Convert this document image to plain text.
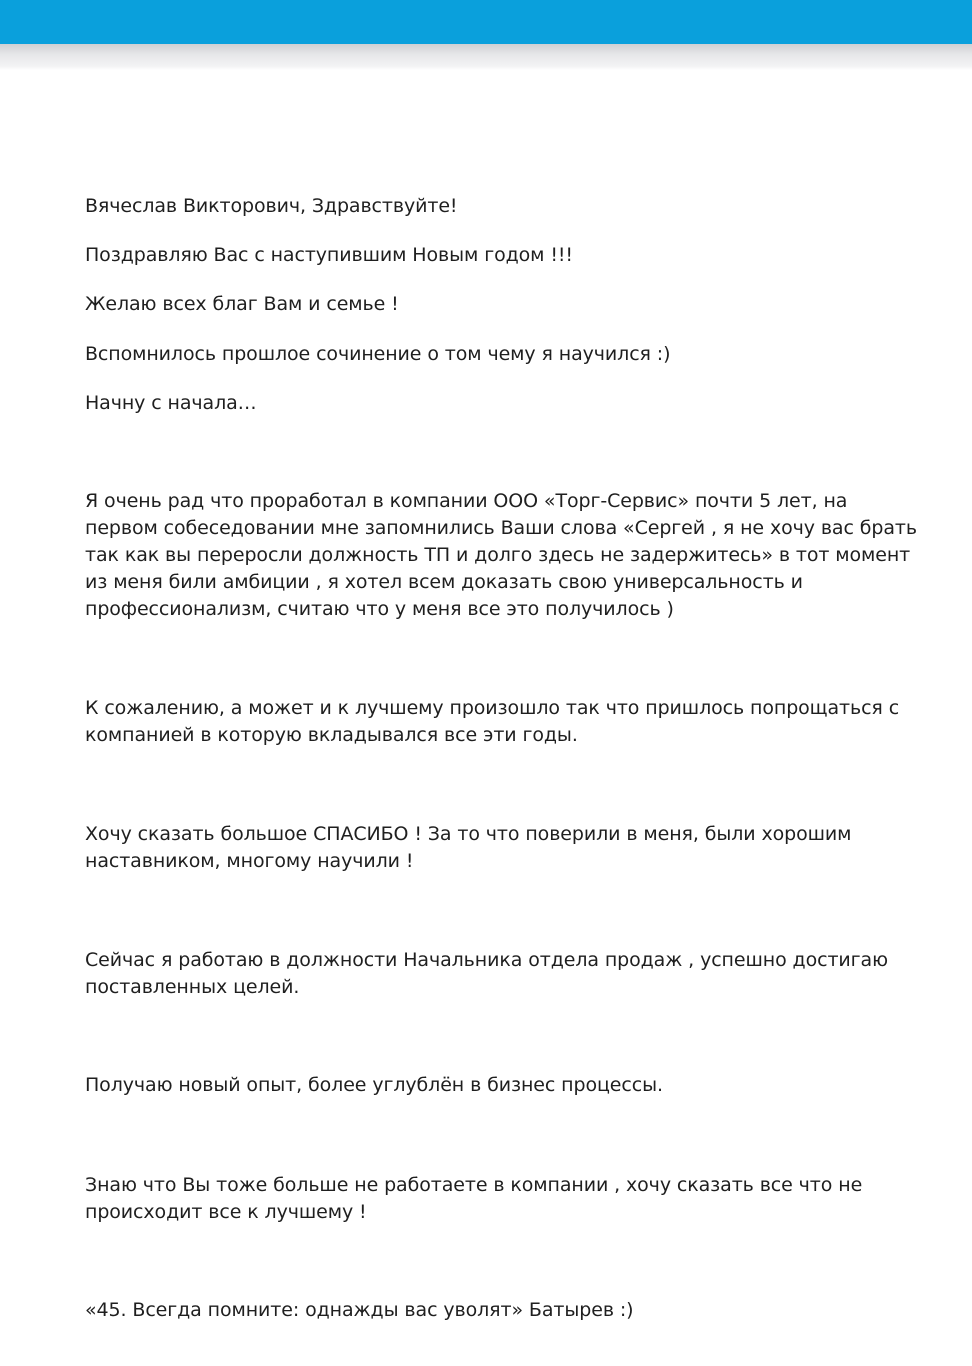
Вячеслав Викторович, Здравствуйте!

Поздравляю Вас с наступившим Новым годом !!!

Желаю всех благ Вам и семье !

Вспомнилось прошлое сочинение о том чему я научился :)

Начну с начала…

Я очень рад что проработал в компании ООО «Торг-Сервис» почти 5 лет, на первом собеседовании мне запомнились Ваши слова «Сергей , я не хочу вас брать так как вы переросли должность ТП и долго здесь не задержитесь» в тот момент из меня били амбиции , я хотел всем доказать свою универсальность и профессионализм, считаю что у меня все это получилось )

К сожалению, а может и к лучшему произошло так что пришлось попрощаться с компанией в которую вкладывался все эти годы.

Хочу сказать большое СПАСИБО ! За то что поверили в меня, были хорошим наставником, многому научили !

Сейчас я работаю в должности Начальника отдела продаж , успешно достигаю поставленных целей.

Получаю новый опыт, более углублён в бизнес процессы.

Знаю что Вы тоже больше не работаете в компании , хочу сказать все что не происходит все к лучшему !

«45. Всегда помните: однажды вас уволят» Батырев :)
